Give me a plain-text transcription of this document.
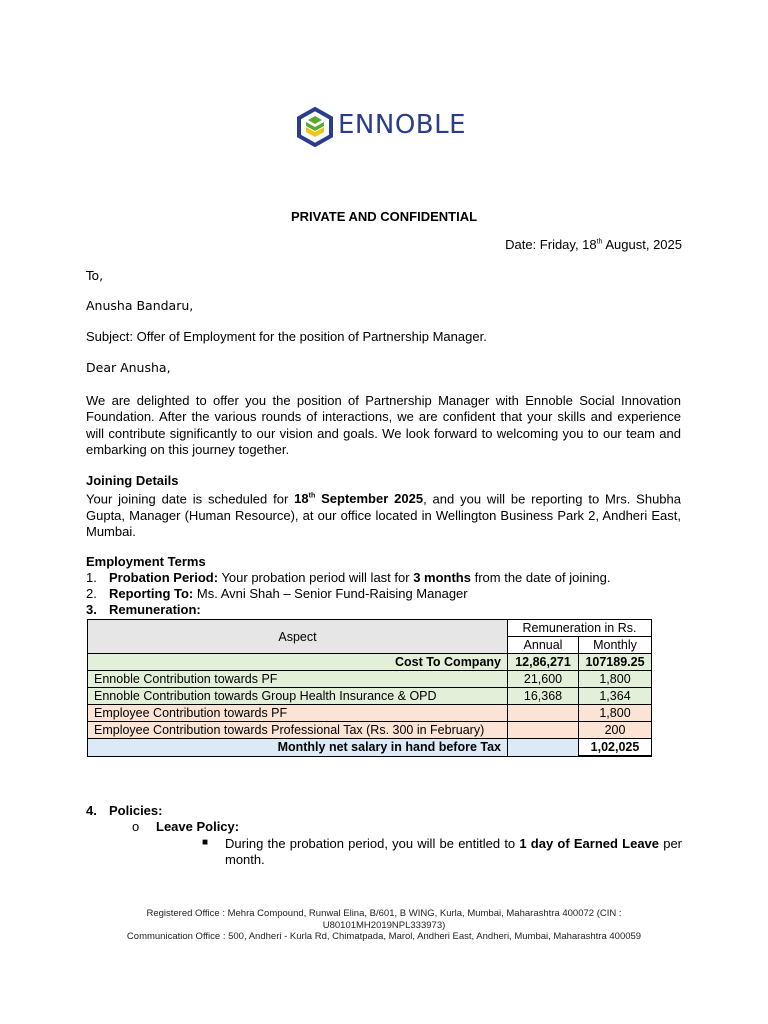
ENNOBLE
PRIVATE AND CONFIDENTIAL
Date: Friday, 18th August, 2025
To,
Anusha Bandaru,
Subject: Offer of Employment for the position of Partnership Manager.
Dear Anusha,
We are delighted to offer you the position of Partnership Manager with Ennoble Social Innovation Foundation. After the various rounds of interactions, we are confident that your skills and experience will contribute significantly to our vision and goals. We look forward to welcoming you to our team and embarking on this journey together.
Joining Details
Your joining date is scheduled for 18th September 2025, and you will be reporting to Mrs. Shubha Gupta, Manager (Human Resource), at our office located in Wellington Business Park 2, Andheri East, Mumbai.
Employment Terms
1. Probation Period: Your probation period will last for 3 months from the date of joining.
2. Reporting To: Ms. Avni Shah – Senior Fund-Raising Manager
3. Remuneration:
Aspect	Remuneration in Rs.	
	Annual	Monthly
Cost To Company	12,86,271	107189.25
Ennoble Contribution towards PF	21,600	1,800
Ennoble Contribution towards Group Health Insurance & OPD	16,368	1,364
Employee Contribution towards PF		1,800
Employee Contribution towards Professional Tax (Rs. 300 in February)		200
Monthly net salary in hand before Tax		1,02,025
4. Policies:
o Leave Policy:
■ During the probation period, you will be entitled to 1 day of Earned Leave per month.
Registered Office : Mehra Compound, Runwal Elina, B/601, B WING, Kurla, Mumbai, Maharashtra 400072 (CIN :
U80101MH2019NPL333973)
Communication Office : 500, Andheri - Kurla Rd, Chimatpada, Marol, Andheri East, Andheri, Mumbai, Maharashtra 400059
